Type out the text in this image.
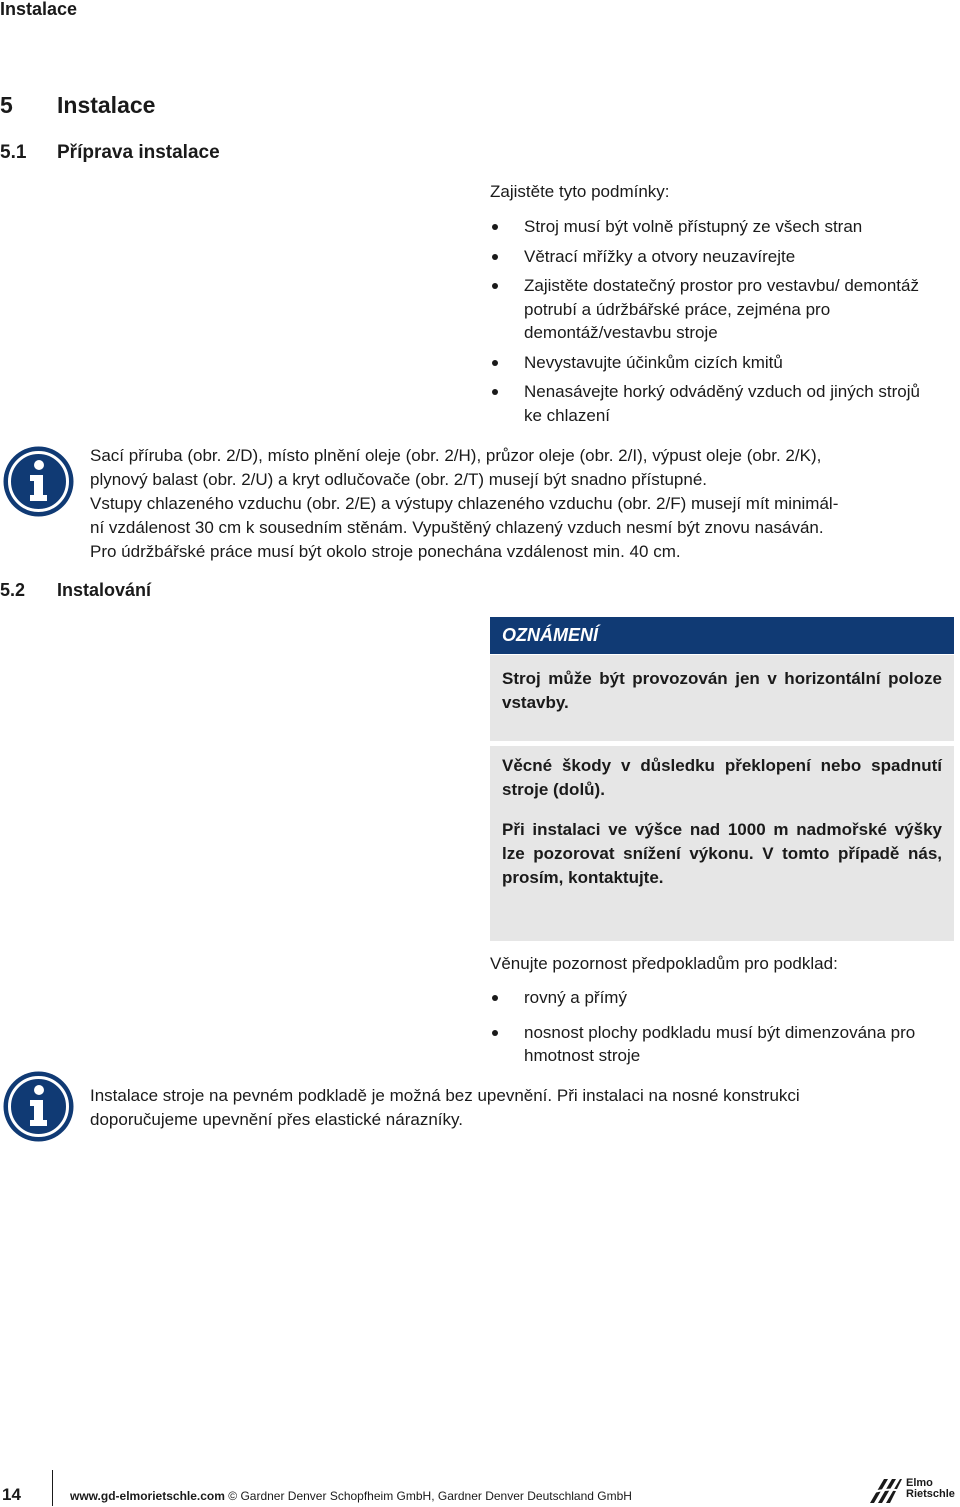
Instalace
5 Instalace
5.1 Příprava instalace
Zajistěte tyto podmínky:
Stroj musí být volně přístupný ze všech stran
Větrací mřížky a otvory neuzavírejte
Zajistěte dostatečný prostor pro vestavbu/ demontáž potrubí a údržbářské práce, zejména pro demontáž/vestavbu stroje
Nevystavujte účinkům cizích kmitů
Nenasávejte horký odváděný vzduch od jiných strojů ke chlazení
Sací příruba (obr. 2/D), místo plnění oleje (obr. 2/H), průzor oleje (obr. 2/I), výpust oleje (obr. 2/K),
plynový balast (obr. 2/U) a kryt odlučovače (obr. 2/T) musejí být snadno přístupné.
Vstupy chlazeného vzduchu (obr. 2/E) a výstupy chlazeného vzduchu (obr. 2/F) musejí mít minimál-
ní vzdálenost 30 cm k sousedním stěnám. Vypuštěný chlazený vzduch nesmí být znovu nasáván.
Pro údržbářské práce musí být okolo stroje ponechána vzdálenost min. 40 cm.
5.2 Instalování
OZNÁMENÍ
Stroj může být provozován jen v horizontální poloze vstavby.
Věcné škody v důsledku překlopení nebo spadnutí stroje (dolů).
Při instalaci ve výšce nad 1000 m nadmořské výšky lze pozorovat snížení výkonu. V tomto případě nás, prosím, kontaktujte.
Věnujte pozornost předpokladům pro podklad:
rovný a přímý
nosnost plochy podkladu musí být dimenzována pro hmotnost stroje
Instalace stroje na pevném podkladě je možná bez upevnění. Při instalaci na nosné konstrukci
doporučujeme upevnění přes elastické nárazníky.
14	www.gd-elmorietschle.com © Gardner Denver Schopfheim GmbH, Gardner Denver Deutschland GmbH
Elmo
Rietschle
